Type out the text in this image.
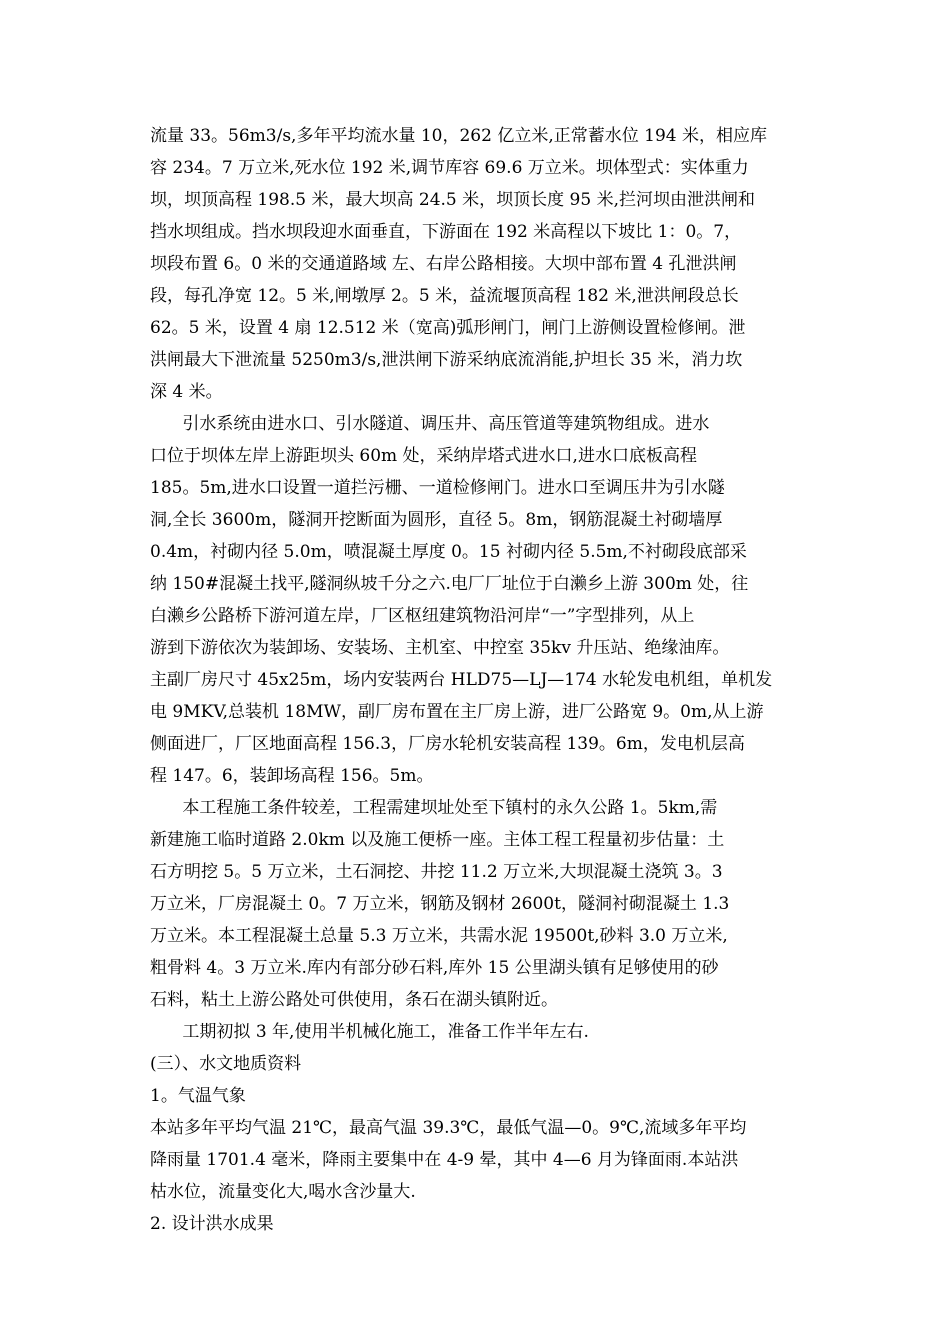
流量 33。56m3/s,多年平均流水量 10，262 亿立米,正常蓄水位 194 米，相应库
容 234。7 万立米,死水位 192 米,调节库容 69.6 万立米。坝体型式：实体重力
坝，坝顶高程 198.5 米，最大坝高 24.5 米，坝顶长度 95 米,拦河坝由泄洪闸和
挡水坝组成。挡水坝段迎水面垂直，下游面在 192 米高程以下坡比 1：0。7，
坝段布置 6。0 米的交通道路域 左、右岸公路相接。大坝中部布置 4 孔泄洪闸
段，每孔净宽 12。5 米,闸墩厚 2。5 米，益流堰顶高程 182 米,泄洪闸段总长
62。5 米，设置 4 扇 12.512 米（宽高)弧形闸门，闸门上游侧设置检修闸。泄
洪闸最大下泄流量 5250m3/s,泄洪闸下游采纳底流消能,护坦长 35 米，消力坎
深 4 米。
引水系统由进水口、引水隧道、调压井、高压管道等建筑物组成。进水
口位于坝体左岸上游距坝头 60m 处，采纳岸塔式进水口,进水口底板高程
185。5m,进水口设置一道拦污栅、一道检修闸门。进水口至调压井为引水隧
洞,全长 3600m，隧洞开挖断面为圆形，直径 5。8m，钢筋混凝土衬砌墙厚
0.4m，衬砌内径 5.0m，喷混凝土厚度 0。15 衬砌内径 5.5m,不衬砌段底部采
纳 150#混凝土找平,隧洞纵坡千分之六.电厂厂址位于白濑乡上游 300m 处，往
白濑乡公路桥下游河道左岸，厂区枢纽建筑物沿河岸“一”字型排列，从上
游到下游依次为装卸场、安装场、主机室、中控室 35kv 升压站、绝缘油库。
主副厂房尺寸 45x25m，场内安装两台 HLD75—LJ—174 水轮发电机组，单机发
电 9MKV,总装机 18MW，副厂房布置在主厂房上游，进厂公路宽 9。0m,从上游
侧面进厂，厂区地面高程 156.3，厂房水轮机安装高程 139。6m，发电机层高
程 147。6，装卸场高程 156。5m。
本工程施工条件较差，工程需建坝址处至下镇村的永久公路 1。5km,需
新建施工临时道路 2.0km 以及施工便桥一座。主体工程工程量初步估量：土
石方明挖 5。5 万立米，土石洞挖、井挖 11.2 万立米,大坝混凝土浇筑 3。3
万立米，厂房混凝土 0。7 万立米，钢筋及钢材 2600t，隧洞衬砌混凝土 1.3
万立米。本工程混凝土总量 5.3 万立米，共需水泥 19500t,砂料 3.0 万立米,
粗骨料 4。3 万立米.库内有部分砂石料,库外 15 公里湖头镇有足够使用的砂
石料，粘土上游公路处可供使用，条石在湖头镇附近。
工期初拟 3 年,使用半机械化施工，准备工作半年左右.
(三）、水文地质资料
1。气温气象
本站多年平均气温 21℃，最高气温 39.3℃，最低气温—0。9℃,流域多年平均
降雨量 1701.4 毫米，降雨主要集中在 4-9 晕，其中 4—6 月为锋面雨.本站洪
枯水位，流量变化大,喝水含沙量大.
2. 设计洪水成果
